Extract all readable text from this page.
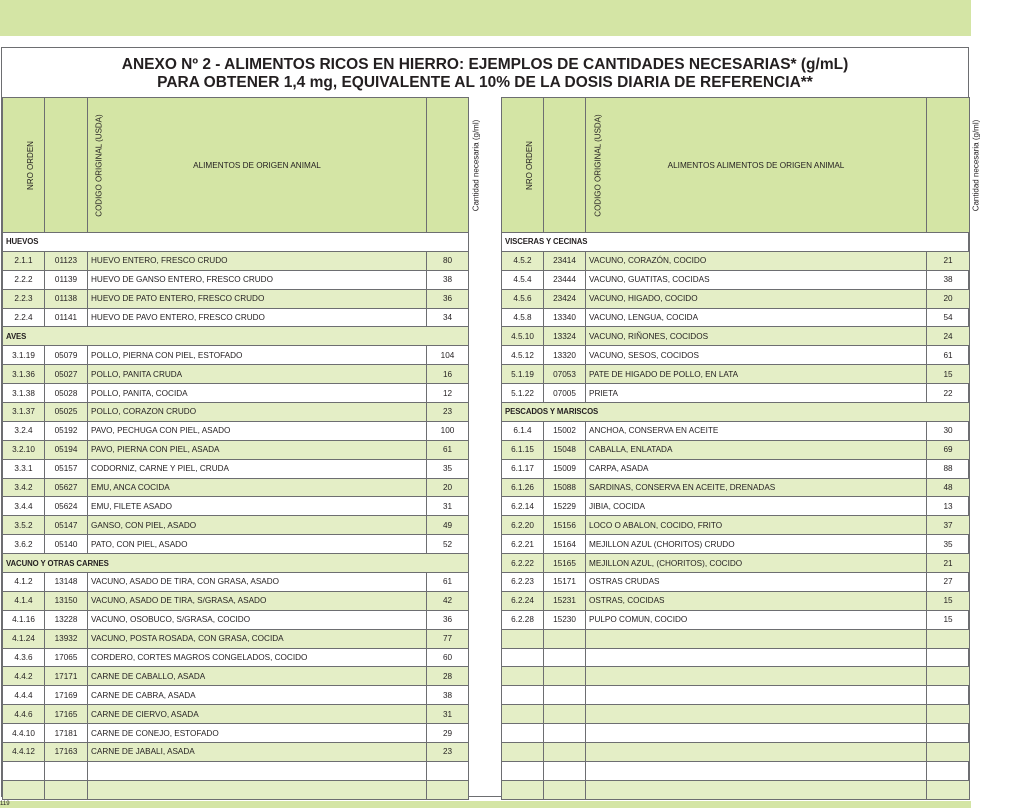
ANEXO Nº 2 - ALIMENTOS RICOS EN HIERRO: EJEMPLOS DE CANTIDADES NECESARIAS* (g/mL)
PARA OBTENER 1,4 mg, EQUIVALENTE AL 10% DE LA DOSIS DIARIA DE REFERENCIA**
NRO ORDEN	CODIGO ORIGINAL (USDA)	ALIMENTOS DE ORIGEN ANIMAL	Cantidad necesaria (g/ml)
HUEVOS			
2.1.1	01123	HUEVO ENTERO, FRESCO CRUDO	80
2.2.2	01139	HUEVO DE GANSO ENTERO, FRESCO CRUDO	38
2.2.3	01138	HUEVO DE PATO ENTERO, FRESCO CRUDO	36
2.2.4	01141	HUEVO DE PAVO ENTERO, FRESCO CRUDO	34
AVES			
3.1.19	05079	POLLO, PIERNA CON PIEL, ESTOFADO	104
3.1.36	05027	POLLO, PANITA CRUDA	16
3.1.38	05028	POLLO, PANITA, COCIDA	12
3.1.37	05025	POLLO, CORAZON CRUDO	23
3.2.4	05192	PAVO, PECHUGA CON PIEL, ASADO	100
3.2.10	05194	PAVO, PIERNA CON PIEL, ASADA	61
3.3.1	05157	CODORNIZ, CARNE Y PIEL, CRUDA	35
3.4.2	05627	EMU, ANCA COCIDA	20
3.4.4	05624	EMU, FILETE ASADO	31
3.5.2	05147	GANSO, CON PIEL, ASADO	49
3.6.2	05140	PATO, CON PIEL, ASADO	52
VACUNO Y OTRAS CARNES			
4.1.2	13148	VACUNO, ASADO DE TIRA, CON GRASA, ASADO	61
4.1.4	13150	VACUNO, ASADO DE TIRA, S/GRASA, ASADO	42
4.1.16	13228	VACUNO, OSOBUCO, S/GRASA, COCIDO	36
4.1.24	13932	VACUNO, POSTA ROSADA, CON GRASA, COCIDA	77
4.3.6	17065	CORDERO, CORTES MAGROS CONGELADOS, COCIDO	60
4.4.2	17171	CARNE DE CABALLO, ASADA	28
4.4.4	17169	CARNE DE CABRA, ASADA	38
4.4.6	17165	CARNE DE CIERVO, ASADA	31
4.4.10	17181	CARNE DE CONEJO, ESTOFADO	29
4.4.12	17163	CARNE DE JABALI, ASADA	23

NRO ORDEN	CODIGO ORIGINAL (USDA)	ALIMENTOS ALIMENTOS DE ORIGEN ANIMAL	Cantidad necesaria (g/ml)
VISCERAS Y CECINAS			
4.5.2	23414	VACUNO, CORAZÓN, COCIDO	21
4.5.4	23444	VACUNO, GUATITAS, COCIDAS	38
4.5.6	23424	VACUNO, HIGADO, COCIDO	20
4.5.8	13340	VACUNO, LENGUA, COCIDA	54
4.5.10	13324	VACUNO, RIÑONES, COCIDOS	24
4.5.12	13320	VACUNO, SESOS, COCIDOS	61
5.1.19	07053	PATE DE HIGADO DE POLLO, EN LATA	15
5.1.22	07005	PRIETA	22
PESCADOS Y MARISCOS			
6.1.4	15002	ANCHOA, CONSERVA EN ACEITE	30
6.1.15	15048	CABALLA, ENLATADA	69
6.1.17	15009	CARPA, ASADA	88
6.1.26	15088	SARDINAS, CONSERVA EN ACEITE, DRENADAS	48
6.2.14	15229	JIBIA, COCIDA	13
6.2.20	15156	LOCO O ABALON, COCIDO, FRITO	37
6.2.21	15164	MEJILLON AZUL (CHORITOS) CRUDO	35
6.2.22	15165	MEJILLON AZUL, (CHORITOS), COCIDO	21
6.2.23	15171	OSTRAS CRUDAS	27
6.2.24	15231	OSTRAS, COCIDAS	15
6.2.28	15230	PULPO COMUN, COCIDO	15

119
